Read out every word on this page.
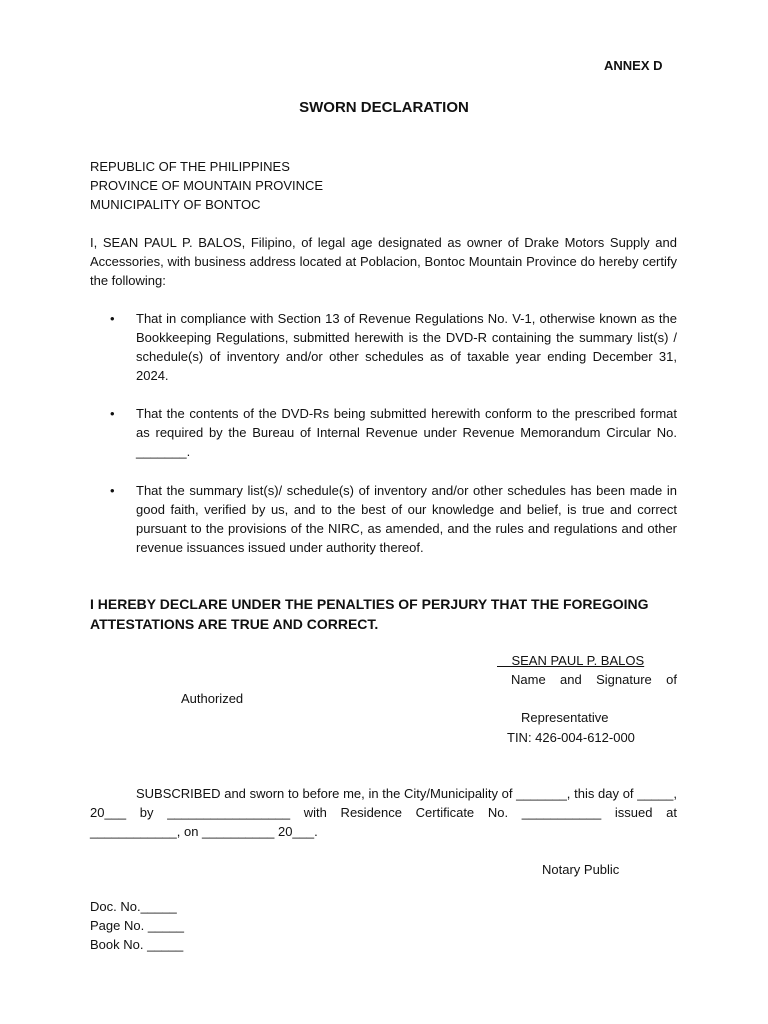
ANNEX D
SWORN DECLARATION
REPUBLIC OF THE PHILIPPINES
PROVINCE OF MOUNTAIN PROVINCE
MUNICIPALITY OF BONTOC
I, SEAN PAUL P. BALOS, Filipino, of legal age designated as owner of Drake Motors Supply and Accessories, with business address located at Poblacion, Bontoc Mountain Province do hereby certify the following:
•	That in compliance with Section 13 of Revenue Regulations No. V-1, otherwise known as the Bookkeeping Regulations, submitted herewith is the DVD-R containing the summary list(s) / schedule(s) of inventory and/or other schedules as of taxable year ending December 31, 2024.
•	That the contents of the DVD-Rs being submitted herewith conform to the prescribed format as required by the Bureau of Internal Revenue under Revenue Memorandum Circular No. _______.
•	That the summary list(s)/ schedule(s) of inventory and/or other schedules has been made in good faith, verified by us, and to the best of our knowledge and belief, is true and correct pursuant to the provisions of the NIRC, as amended, and the rules and regulations and other revenue issuances issued under authority thereof.
I HEREBY DECLARE UNDER THE PENALTIES OF PERJURY THAT THE FOREGOING ATTESTATIONS ARE TRUE AND CORRECT.
SEAN PAUL P. BALOS
Name and Signature of
Authorized
Representative
TIN: 426-004-612-000
SUBSCRIBED and sworn to before me, in the City/Municipality of _______, this day of _____, 20___ by _________________ with Residence Certificate No. ___________ issued at ____________, on __________ 20___.
Notary Public
Doc. No._____
Page No. _____
Book No. _____
